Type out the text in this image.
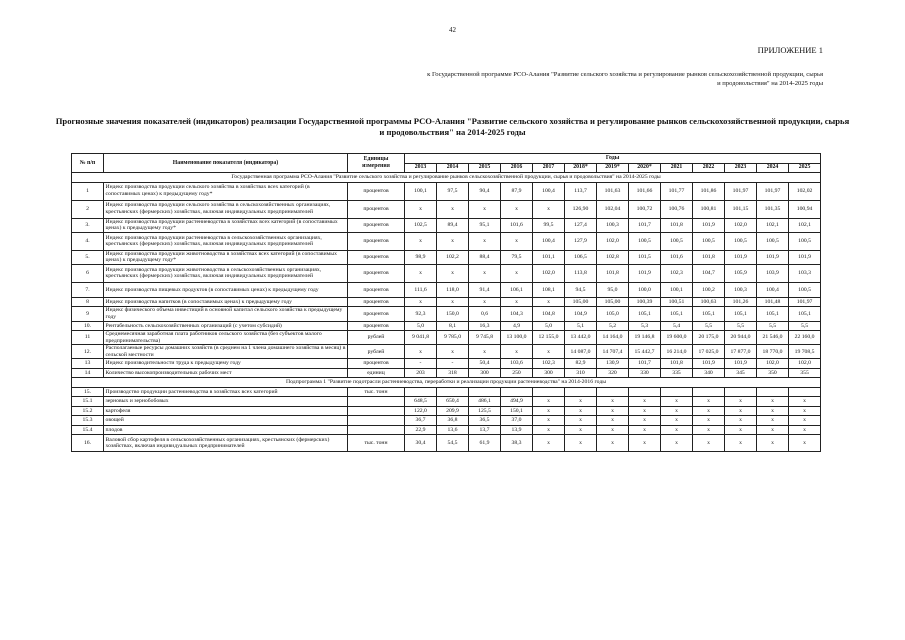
42
ПРИЛОЖЕНИЕ 1
к Государственной программе РСО-Алания "Развитие сельского хозяйства и регулирование рынков сельскохозяйственной продукции, сырья и продовольствия" на 2014-2025 годы
Прогнозные значения показателей (индикаторов) реализации Государственной программы РСО-Алания "Развитие сельского хозяйства и регулирование рынков сельскохозяйственной продукции, сырья и продовольствия" на 2014-2025 годы
№ п/п	Наименование показателя (индикатора)	Единицы измерения	Годы												
			2013	2014	2015	2016	2017	2018*	2019*	2020*	2021	2022	2023	2024	2025
Государственная программа РСО-Алания "Развитие сельского хозяйства и регулирование рынков сельскохозяйственной продукции, сырья и продовольствия" на 2014-2025 годы															
1	Индекс производства продукции сельского хозяйства в хозяйствах всех категорий (в сопоставимых ценах) к предыдущему году*	процентов	100,1	97,5	90,4	87,9	100,4	113,7	101,63	101,66	101,77	101,86	101,97	101,97	102,02
2	Индекс производства продукции сельского хозяйства в сельскохозяйственных организациях, крестьянских (фермерских) хозяйствах, включая индивидуальных предпринимателей	процентов	x	x	x	x	x	126,90	102,04	100,72	100,76	100,81	101,15	101,35	100,94
3.	Индекс производства продукции растениеводства в хозяйствах всех категорий (в сопоставимых ценах) к предыдущему году*	процентов	102,5	89,4	95,1	101,6	99,5	127,4	100,3	101,7	101,8	101,9	102,0	102,1	102,1
4.	Индекс производства продукции растениеводства в сельскохозяйственных организациях, крестьянских (фермерских) хозяйствах, включая индивидуальных предпринимателей	процентов	x	x	x	x	100,4	127,9	102,0	100,5	100,5	100,5	100,5	100,5	100,5
5.	Индекс производства продукции животноводства в хозяйствах всех категорий (в сопоставимых ценах) к предыдущему году*	процентов	98,9	102,2	88,4	79,5	101,1	106,5	102,8	101,5	101,6	101,8	101,9	101,9	101,9
6	Индекс производства продукции животноводства в сельскохозяйственных организациях, крестьянских (фермерских) хозяйствах, включая индивидуальных предпринимателей	процентов	x	x	x	x	102,0	113,8	101,8	101,9	102,3	104,7	105,9	103,9	103,3
7.	Индекс производства пищевых продуктов (в сопоставимых ценах) к предыдущему году	процентов	111,6	118,0	91,4	106,1	108,1	94,5	95,0	100,0	100,1	100,2	100,3	100,4	100,5
8	Индекс производства напитков (в сопоставимых ценах) к предыдущему году	процентов	x	x	x	x	x	105,00	105,00	100,39	100,51	100,63	101,26	101,48	101,97
9	Индекс физического объема инвестиций в основной капитал сельского хозяйства к предыдущему году	процентов	92,3	150,0	0,6	104,3	104,8	104,9	105,0	105,1	105,1	105,1	105,1	105,1	105,1
10.	Рентабельность сельскохозяйственных организаций (с учетом субсидий)	процентов	5,0	8,1	16,3	4,9	5,0	5,1	5,2	5,3	5,4	5,5	5,5	5,5	5,5
11	Среднемесячная заработная плата работников сельского хозяйства (без субъектов малого предпринимательства)	рублей	9 041,8	9 785,0	9 745,8	13 100,0	12 155,0	13 442,0	14 164,0	19 146,8	19 600,0	20 175,0	20 944,0	21 546,0	22 160,0
12.	Располагаемые ресурсы домашних хозяйств (в среднем на 1 члена домашнего хозяйства в месяц) в сельской местности	рублей	x	x	x	x	x	14 087,0	14 707,4	15 442,7	16 214,0	17 025,0	17 877,0	18 770,0	19 708,5
13	Индекс производительности труда к предыдущему году	процентов	-	-	50,4	103,6	102,3	82,9	130,9	101,7	101,8	101,9	101,9	102,0	102,0
14	Количество высокопроизводительных рабочих мест	единиц	203	318	300	250	300	310	320	330	335	340	345	350	355
Подпрограмма 1 "Развитие подотрасли растениеводства, переработки и реализации продукции растениеводства" на 2014-2016 годы															
15.	Производство продукции растениеводства в хозяйствах всех категорий	тыс. тонн													
15.1	зерновых и зернобобовых		648,5	650,4	486,1	494,9	x	x	x	x	x	x	x	x	x
15.2	картофеля		122,0	209,9	125,5	150,1	x	x	x	x	x	x	x	x	x
15.3	овощей		36,7	36,8	36,5	37,0	x	x	x	x	x	x	x	x	x
15.4	плодов		22,9	13,6	13,7	13,9	x	x	x	x	x	x	x	x	x
16.	Валовой сбор картофеля в сельскохозяйственных организациях, крестьянских (фермерских) хозяйствах, включая индивидуальных предпринимателей	тыс. тонн	30,4	54,5	61,9	38,3	x	x	x	x	x	x	x	x	x
